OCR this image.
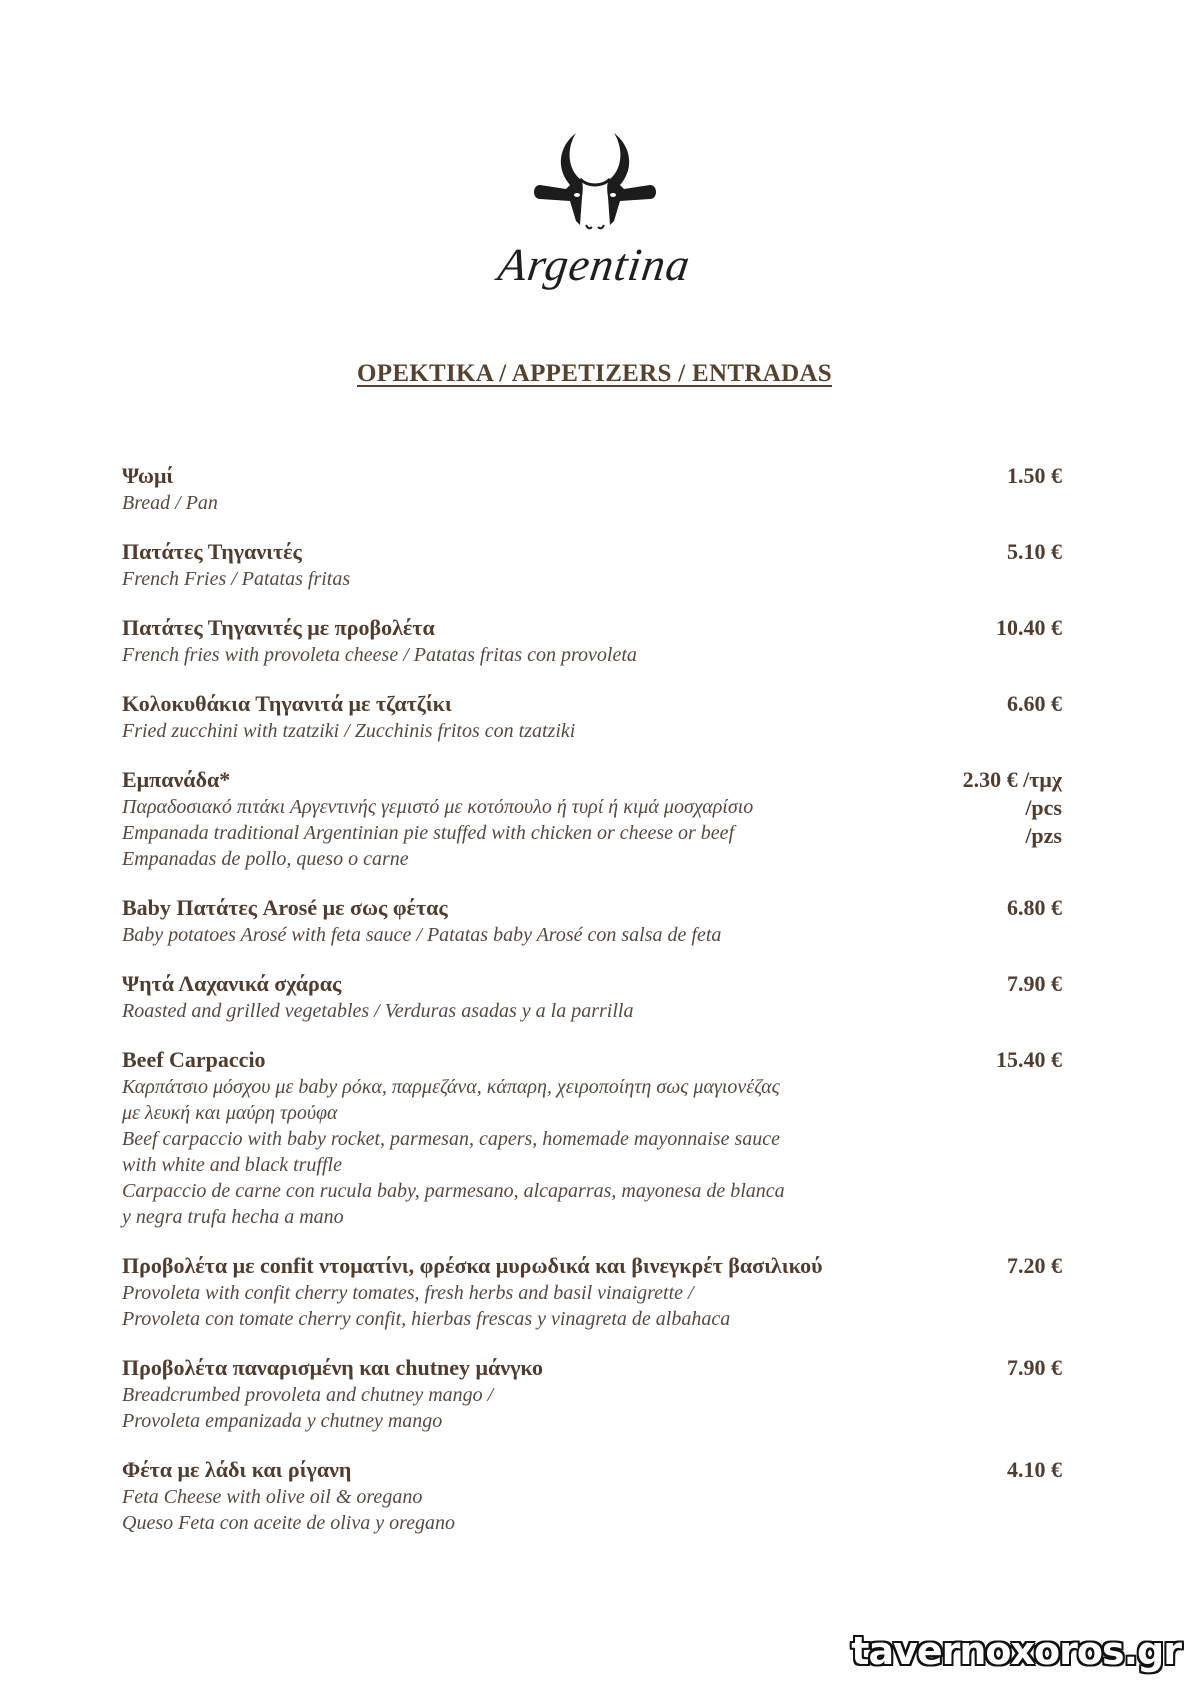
Argentina
OPEKTIKA / APPETIZERS / ENTRADAS
Ψωμί
Bread / Pan
1.50 €
Πατάτες Τηγανιτές
French Fries / Patatas fritas
5.10 €
Πατάτες Τηγανιτές με προβολέτα
French fries with provoleta cheese / Patatas fritas con provoleta
10.40 €
Κολοκυθάκια Τηγανιτά με τζατζίκι
Fried zucchini with tzatziki / Zucchinis fritos con tzatziki
6.60 €
Εμπανάδα*
Παραδοσιακό πιτάκι Αργεντινής γεμιστό με κοτόπουλο ή τυρί ή κιμά μοσχαρίσιο
Empanada traditional Argentinian pie stuffed with chicken or cheese or beef
Empanadas de pollo, queso o carne
2.30 € /τμχ
/pcs
/pzs
Baby Πατάτες Arosé με σως φέτας
Baby potatoes Arosé with feta sauce / Patatas baby Arosé con salsa de feta
6.80 €
Ψητά Λαχανικά σχάρας
Roasted and grilled vegetables / Verduras asadas y a la parrilla
7.90 €
Beef Carpaccio
Καρπάτσιο μόσχου με baby ρόκα, παρμεζάνα, κάπαρη, χειροποίητη σως μαγιονέζας
με λευκή και μαύρη τρούφα
Beef carpaccio with baby rocket, parmesan, capers, homemade mayonnaise sauce
with white and black truffle
Carpaccio de carne con rucula baby, parmesano, alcaparras, mayonesa de blanca
y negra trufa hecha a mano
15.40 €
Προβολέτα με confit ντοματίνι, φρέσκα μυρωδικά και βινεγκρέτ βασιλικού
Provoleta with confit cherry tomates, fresh herbs and basil vinaigrette /
Provoleta con tomate cherry confit, hierbas frescas y vinagreta de albahaca
7.20 €
Προβολέτα παναρισμένη και chutney μάνγκο
Breadcrumbed provoleta and chutney mango /
Provoleta empanizada y chutney mango
7.90 €
Φέτα με λάδι και ρίγανη
Feta Cheese with olive oil & oregano
Queso Feta con aceite de oliva y oregano
4.10 €
tavernoxoros.gr
